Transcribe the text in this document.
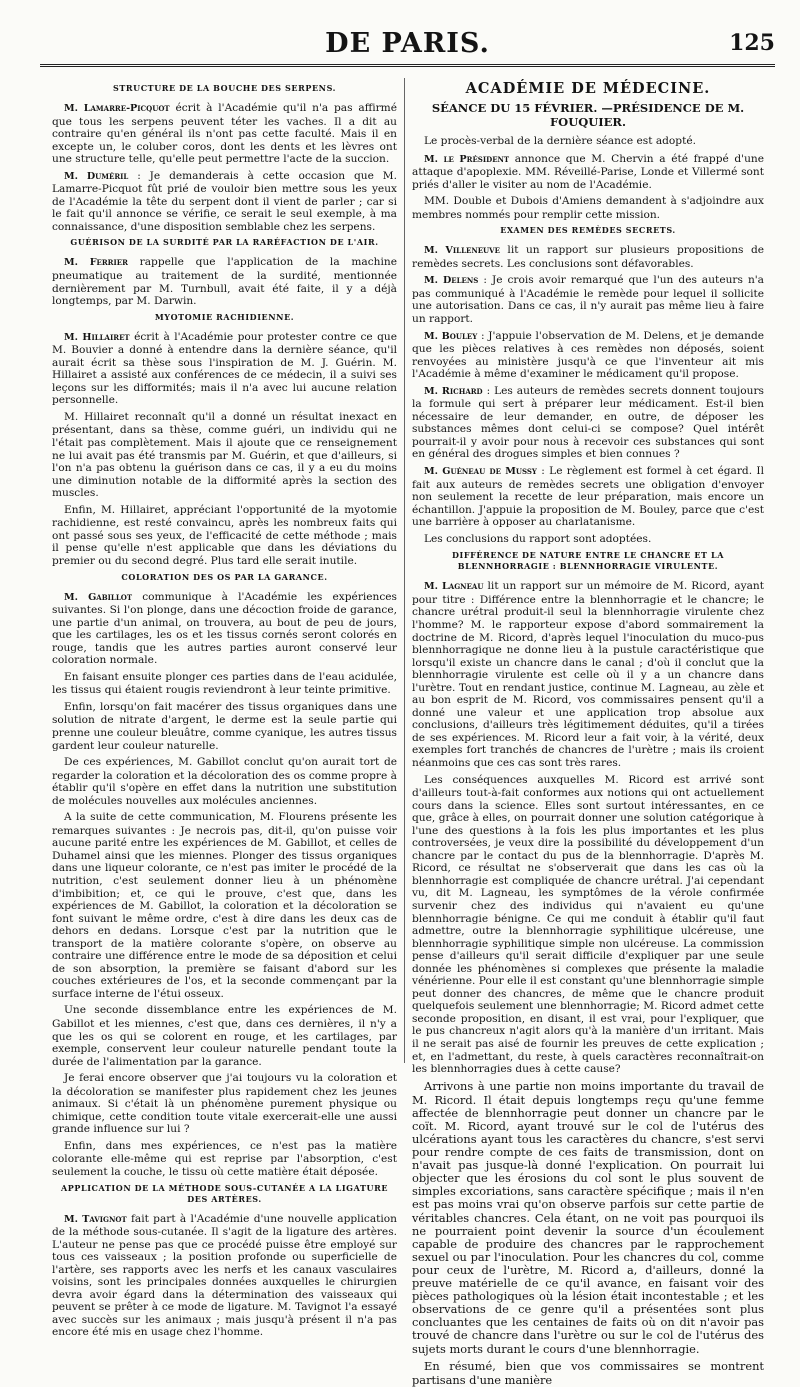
DE PARIS.	125
STRUCTURE DE LA BOUCHE DES SERPENS.

M. Lamarre-Picquot écrit à l'Académie qu'il n'a pas affirmé que tous les serpens peuvent téter les vaches. Il a dit au contraire qu'en général ils n'ont pas cette faculté. Mais il en excepte un, le coluber coros, dont les dents et les lèvres ont une structure telle, qu'elle peut permettre l'acte de la succion.

M. Duméril : Je demanderais à cette occasion que M. Lamarre-Picquot fût prié de vouloir bien mettre sous les yeux de l'Académie la tête du serpent dont il vient de parler ; car si le fait qu'il annonce se vérifie, ce serait le seul exemple, à ma connaissance, d'une disposition semblable chez les serpens.

GUÉRISON DE LA SURDITÉ PAR LA RARÉFACTION DE L'AIR.

M. Ferrier rappelle que l'application de la machine pneumatique au traitement de la surdité, mentionnée dernièrement par M. Turnbull, avait été faite, il y a déjà longtemps, par M. Darwin.

MYOTOMIE RACHIDIENNE.

M. Hillairet écrit à l'Académie pour protester contre ce que M. Bouvier a donné à entendre dans la dernière séance, qu'il aurait écrit sa thèse sous l'inspiration de M. J. Guérin. M. Hillairet a assisté aux conférences de ce médecin, il a suivi ses leçons sur les difformités; mais il n'a avec lui aucune relation personnelle.

M. Hillairet reconnaît qu'il a donné un résultat inexact en présentant, dans sa thèse, comme guéri, un individu qui ne l'était pas complètement. Mais il ajoute que ce renseignement ne lui avait pas été transmis par M. Guérin, et que d'ailleurs, si l'on n'a pas obtenu la guérison dans ce cas, il y a eu du moins une diminution notable de la difformité après la section des muscles.

Enfin, M. Hillairet, appréciant l'opportunité de la myotomie rachidienne, est resté convaincu, après les nombreux faits qui ont passé sous ses yeux, de l'efficacité de cette méthode ; mais il pense qu'elle n'est applicable que dans les déviations du premier ou du second degré. Plus tard elle serait inutile.

COLORATION DES OS PAR LA GARANCE.

M. Gabillot communique à l'Académie les expériences suivantes. Si l'on plonge, dans une décoction froide de garance, une partie d'un animal, on trouvera, au bout de peu de jours, que les cartilages, les os et les tissus cornés seront colorés en rouge, tandis que les autres parties auront conservé leur coloration normale.

En faisant ensuite plonger ces parties dans de l'eau acidulée, les tissus qui étaient rougis reviendront à leur teinte primitive.

Enfin, lorsqu'on fait macérer des tissus organiques dans une solution de nitrate d'argent, le derme est la seule partie qui prenne une couleur bleuâtre, comme cyanique, les autres tissus gardent leur couleur naturelle.

De ces expériences, M. Gabillot conclut qu'on aurait tort de regarder la coloration et la décoloration des os comme propre à établir qu'il s'opère en effet dans la nutrition une substitution de molécules nouvelles aux molécules anciennes.

A la suite de cette communication, M. Flourens présente les remarques suivantes : Je necrois pas, dit-il, qu'on puisse voir aucune parité entre les expériences de M. Gabillot, et celles de Duhamel ainsi que les miennes. Plonger des tissus organiques dans une liqueur colorante, ce n'est pas imiter le procédé de la nutrition, c'est seulement donner lieu à un phénomène d'imbibition; et, ce qui le prouve, c'est que, dans les expériences de M. Gabillot, la coloration et la décoloration se font suivant le même ordre, c'est à dire dans les deux cas de dehors en dedans. Lorsque c'est par la nutrition que le transport de la matière colorante s'opère, on observe au contraire une différence entre le mode de sa déposition et celui de son absorption, la première se faisant d'abord sur les couches extérieures de l'os, et la seconde commençant par la surface interne de l'étui osseux.

Une seconde dissemblance entre les expériences de M. Gabillot et les miennes, c'est que, dans ces dernières, il n'y a que les os qui se colorent en rouge, et les cartilages, par exemple, conservent leur couleur naturelle pendant toute la durée de l'alimentation par la garance.

Je ferai encore observer que j'ai toujours vu la coloration et la décoloration se manifester plus rapidement chez les jeunes animaux. Si c'était là un phénomène purement physique ou chimique, cette condition toute vitale exercerait-elle une aussi grande influence sur lui ?

Enfin, dans mes expériences, ce n'est pas la matière colorante elle-même qui est reprise par l'absorption, c'est seulement la couche, le tissu où cette matière était déposée.

APPLICATION DE LA MÉTHODE SOUS-CUTANÉE A LA LIGATURE DES ARTÈRES.

M. Tavignot fait part à l'Académie d'une nouvelle application de la méthode sous-cutanée. Il s'agit de la ligature des artères. L'auteur ne pense pas que ce procédé puisse être employé sur tous ces vaisseaux ; la position profonde ou superficielle de l'artère, ses rapports avec les nerfs et les canaux vasculaires voisins, sont les principales données auxquelles le chirurgien devra avoir égard dans la détermination des vaisseaux qui peuvent se prêter à ce mode de ligature. M. Tavignot l'a essayé avec succès sur les animaux ; mais jusqu'à présent il n'a pas encore été mis en usage chez l'homme.

ACADÉMIE DE MÉDECINE.
SÉANCE DU 15 FÉVRIER. —PRÉSIDENCE DE M. FOUQUIER.

Le procès-verbal de la dernière séance est adopté.

M. le Président annonce que M. Chervin a été frappé d'une attaque d'apoplexie. MM. Réveillé-Parise, Londe et Villermé sont priés d'aller le visiter au nom de l'Académie.

MM. Double et Dubois d'Amiens demandent à s'adjoindre aux membres nommés pour remplir cette mission.

EXAMEN DES REMÈDES SECRETS.

M. Villeneuve lit un rapport sur plusieurs propositions de remèdes secrets. Les conclusions sont défavorables.

M. Delens : Je crois avoir remarqué que l'un des auteurs n'a pas communiqué à l'Académie le remède pour lequel il sollicite une autorisation. Dans ce cas, il n'y aurait pas même lieu à faire un rapport.

M. Bouley : J'appuie l'observation de M. Delens, et je demande que les pièces relatives à ces remèdes non déposés, soient renvoyées au ministère jusqu'à ce que l'inventeur ait mis l'Académie à même d'examiner le médicament qu'il propose.

M. Richard : Les auteurs de remèdes secrets donnent toujours la formule qui sert à préparer leur médicament. Est-il bien nécessaire de leur demander, en outre, de déposer les substances mêmes dont celui-ci se compose? Quel intérêt pourrait-il y avoir pour nous à recevoir ces substances qui sont en général des drogues simples et bien connues ?

M. Guéneau de Mussy : Le règlement est formel à cet égard. Il fait aux auteurs de remèdes secrets une obligation d'envoyer non seulement la recette de leur préparation, mais encore un échantillon. J'appuie la proposition de M. Bouley, parce que c'est une barrière à opposer au charlatanisme.

Les conclusions du rapport sont adoptées.

DIFFÉRENCE DE NATURE ENTRE LE CHANCRE ET LA BLENNHORRAGIE : BLENNHORRAGIE VIRULENTE.

M. Lagneau lit un rapport sur un mémoire de M. Ricord, ayant pour titre : Différence entre la blennhorragie et le chancre; le chancre urétral produit-il seul la blennhorragie virulente chez l'homme? M. le rapporteur expose d'abord sommairement la doctrine de M. Ricord, d'après lequel l'inoculation du muco-pus blennhorragique ne donne lieu à la pustule caractéristique que lorsqu'il existe un chancre dans le canal ; d'où il conclut que la blennhorragie virulente est celle où il y a un chancre dans l'urètre. Tout en rendant justice, continue M. Lagneau, au zèle et au bon esprit de M. Ricord, vos commissaires pensent qu'il a donné une valeur et une application trop absolue aux conclusions, d'ailleurs très légitimement déduites, qu'il a tirées de ses expériences. M. Ricord leur a fait voir, à la vérité, deux exemples fort tranchés de chancres de l'urètre ; mais ils croient néanmoins que ces cas sont très rares.

Les conséquences auxquelles M. Ricord est arrivé sont d'ailleurs tout-à-fait conformes aux notions qui ont actuellement cours dans la science. Elles sont surtout intéressantes, en ce que, grâce à elles, on pourrait donner une solution catégorique à l'une des questions à la fois les plus importantes et les plus controversées, je veux dire la possibilité du développement d'un chancre par le contact du pus de la blennhorragie. D'après M. Ricord, ce résultat ne s'observerait que dans les cas où la blennhorragie est compliquée de chancre urétral. J'ai cependant vu, dit M. Lagneau, les symptômes de la vérole confirmée survenir chez des individus qui n'avaient eu qu'une blennhorragie bénigne. Ce qui me conduit à établir qu'il faut admettre, outre la blennhorragie syphilitique ulcéreuse, une blennhorragie syphilitique simple non ulcéreuse. La commission pense d'ailleurs qu'il serait difficile d'expliquer par une seule donnée les phénomènes si complexes que présente la maladie vénérienne. Pour elle il est constant qu'une blennhorragie simple peut donner des chancres, de même que le chancre produit quelquefois seulement une blennhorragie; M. Ricord admet cette seconde proposition, en disant, il est vrai, pour l'expliquer, que le pus chancreux n'agit alors qu'à la manière d'un irritant. Mais il ne serait pas aisé de fournir les preuves de cette explication ; et, en l'admettant, du reste, à quels caractères reconnaîtrait-on les blennhorragies dues à cette cause?

Arrivons à une partie non moins importante du travail de M. Ricord. Il était depuis longtemps reçu qu'une femme affectée de blennhorragie peut donner un chancre par le coït. M. Ricord, ayant trouvé sur le col de l'utérus des ulcérations ayant tous les caractères du chancre, s'est servi pour rendre compte de ces faits de transmission, dont on n'avait pas jusque-là donné l'explication. On pourrait lui objecter que les érosions du col sont le plus souvent de simples excoriations, sans caractère spécifique ; mais il n'en est pas moins vrai qu'on observe parfois sur cette partie de véritables chancres. Cela étant, on ne voit pas pourquoi ils ne pourraient point devenir la source d'un écoulement capable de produire des chancres par le rapprochement sexuel ou par l'inoculation. Pour les chancres du col, comme pour ceux de l'urètre, M. Ricord a, d'ailleurs, donné la preuve matérielle de ce qu'il avance, en faisant voir des pièces pathologiques où la lésion était incontestable ; et les observations de ce genre qu'il a présentées sont plus concluantes que les centaines de faits où on dit n'avoir pas trouvé de chancre dans l'urètre ou sur le col de l'utérus des sujets morts durant le cours d'une blennhorragie.

En résumé, bien que vos commissaires se montrent partisans d'une manière
